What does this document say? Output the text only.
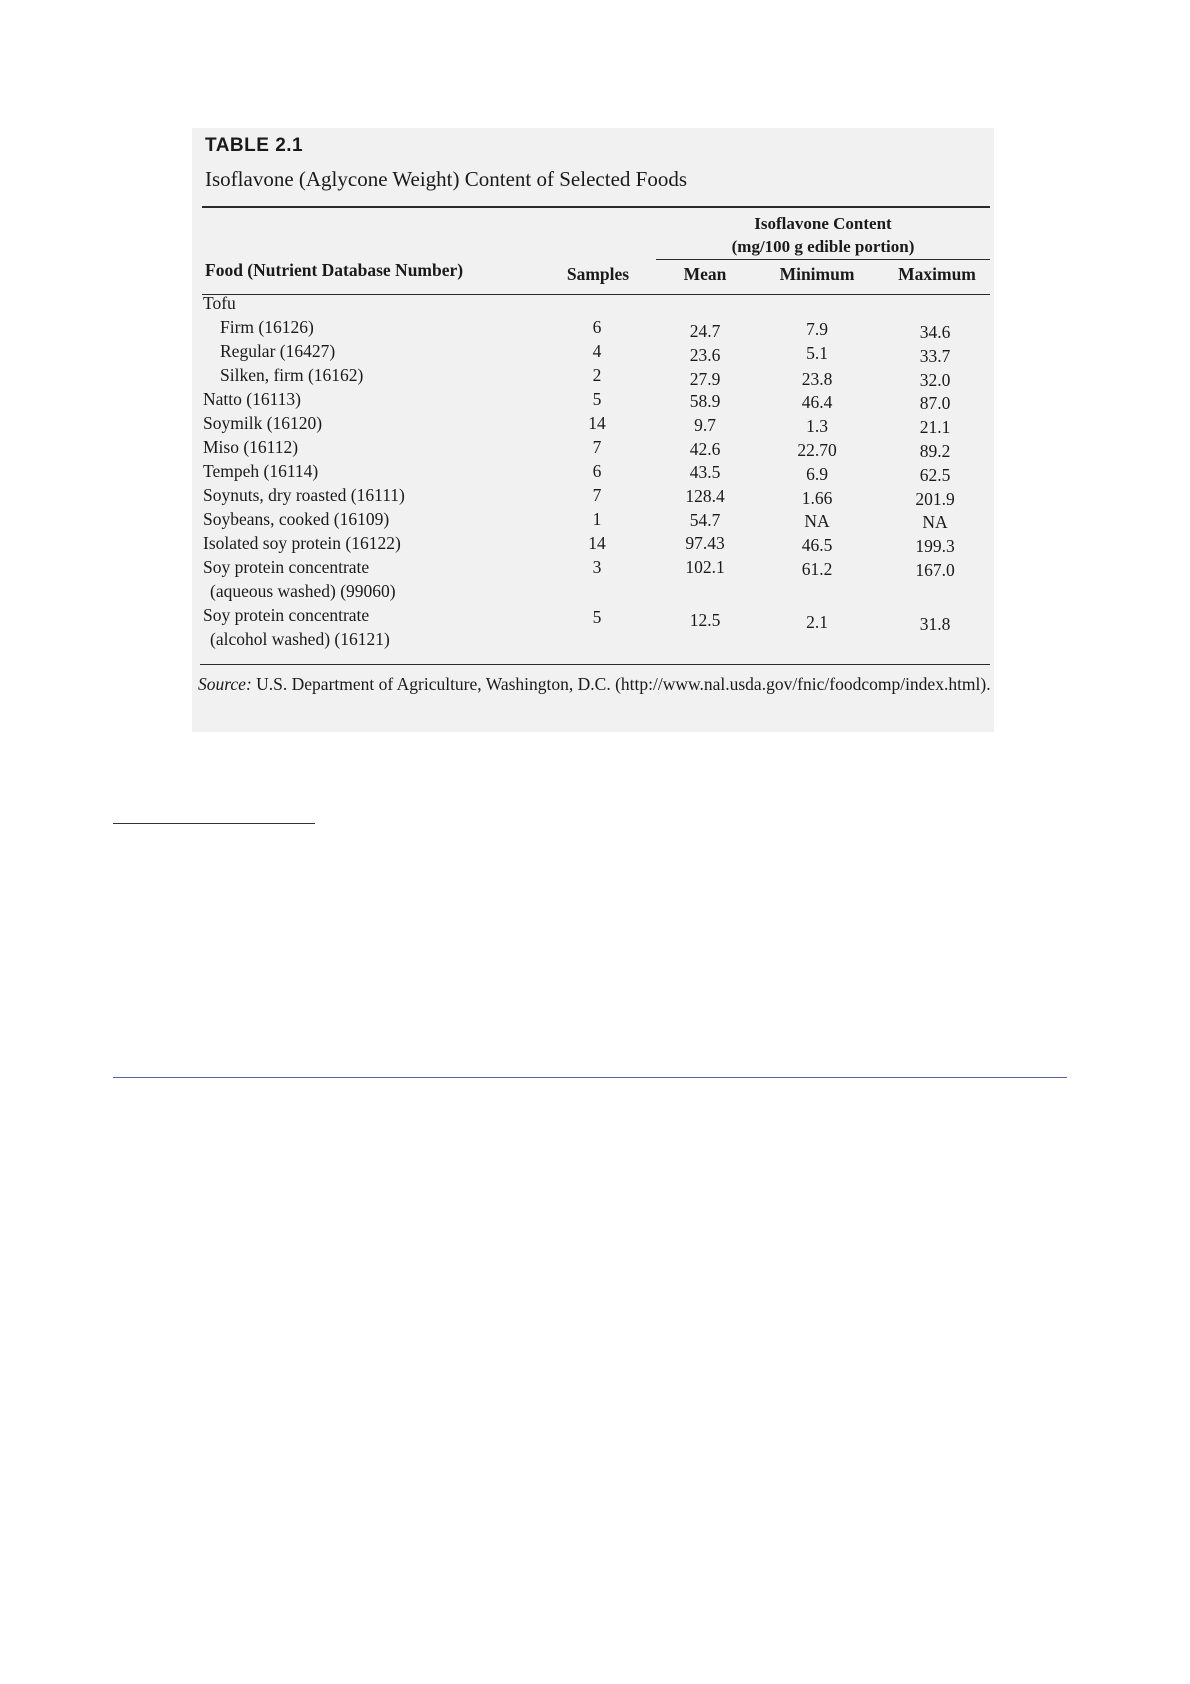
TABLE 2.1
Isoflavone (Aglycone Weight) Content of Selected Foods
Isoflavone Content
(mg/100 g edible portion)
Food (Nutrient Database Number)	Samples	Mean	Minimum	Maximum
Tofu
Firm (16126)	6	24.7	7.9	34.6
Regular (16427)	4	23.6	5.1	33.7
Silken, firm (16162)	2	27.9	23.8	32.0
Natto (16113)	5	58.9	46.4	87.0
Soymilk (16120)	14	9.7	1.3	21.1
Miso (16112)	7	42.6	22.70	89.2
Tempeh (16114)	6	43.5	6.9	62.5
Soynuts, dry roasted (16111)	7	128.4	1.66	201.9
Soybeans, cooked (16109)	1	54.7	NA	NA
Isolated soy protein (16122)	14	97.43	46.5	199.3
Soy protein concentrate
(aqueous washed) (99060)
3	102.1	61.2	167.0
Soy protein concentrate
(alcohol washed) (16121)
5	12.5	2.1	31.8
Source: U.S. Department of Agriculture, Washington, D.C. (http://www.nal.usda.gov/fnic/foodcomp/index.html).
